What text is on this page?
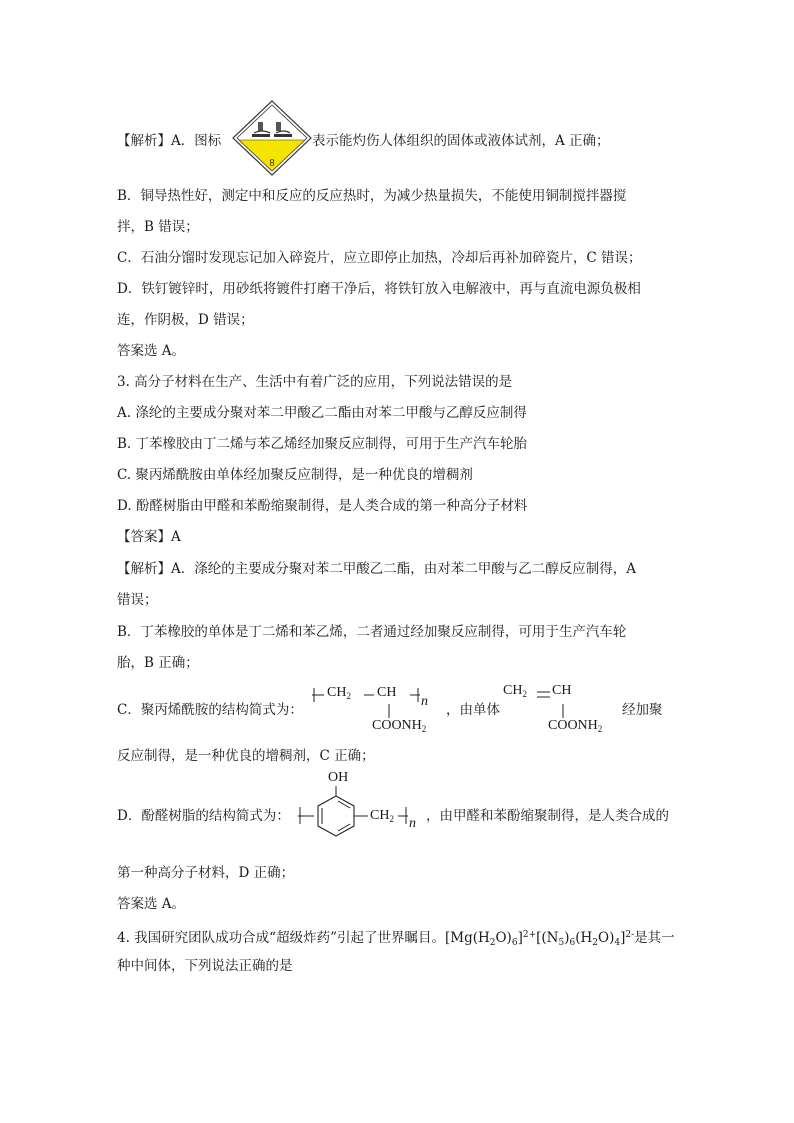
【解析】A．图标
8
表示能灼伤人体组织的固体或液体试剂，A 正确；
B．铜导热性好，测定中和反应的反应热时，为减少热量损失，不能使用铜制搅拌器搅
拌，B 错误；
C．石油分馏时发现忘记加入碎瓷片，应立即停止加热，冷却后再补加碎瓷片，C 错误；
D．铁钉镀锌时，用砂纸将镀件打磨干净后，将铁钉放入电解液中，再与直流电源负极相
连，作阴极，D 错误；
答案选 A。
3. 高分子材料在生产、生活中有着广泛的应用，下列说法错误的是
A. 涤纶的主要成分聚对苯二甲酸乙二酯由对苯二甲酸与乙醇反应制得
B. 丁苯橡胶由丁二烯与苯乙烯经加聚反应制得，可用于生产汽车轮胎
C. 聚丙烯酰胺由单体经加聚反应制得，是一种优良的增稠剂
D. 酚醛树脂由甲醛和苯酚缩聚制得，是人类合成的第一种高分子材料
【答案】A
【解析】A．涤纶的主要成分聚对苯二甲酸乙二酯，由对苯二甲酸与乙二醇反应制得，A
错误；
B．丁苯橡胶的单体是丁二烯和苯乙烯，二者通过经加聚反应制得，可用于生产汽车轮
胎，B 正确；
C．聚丙烯酰胺的结构简式为：
$CH_2$ CH
n
$COONH_2$
，由单体
$CH_2$ CH
$COONH_2$
经加聚
反应制得，是一种优良的增稠剂，C 正确；
D．酚醛树脂的结构简式为：
OH
$CH_2$ n ，由甲醛和苯酚缩聚制得，是人类合成的
第一种高分子材料，D 正确；
答案选 A。
4. 我国研究团队成功合成“超级炸药”引起了世界瞩目。$[Mg(H_2O)_6]^{2+}[(N_5)_6(H_2O)_4]^{2-}$是其一
种中间体，下列说法正确的是
